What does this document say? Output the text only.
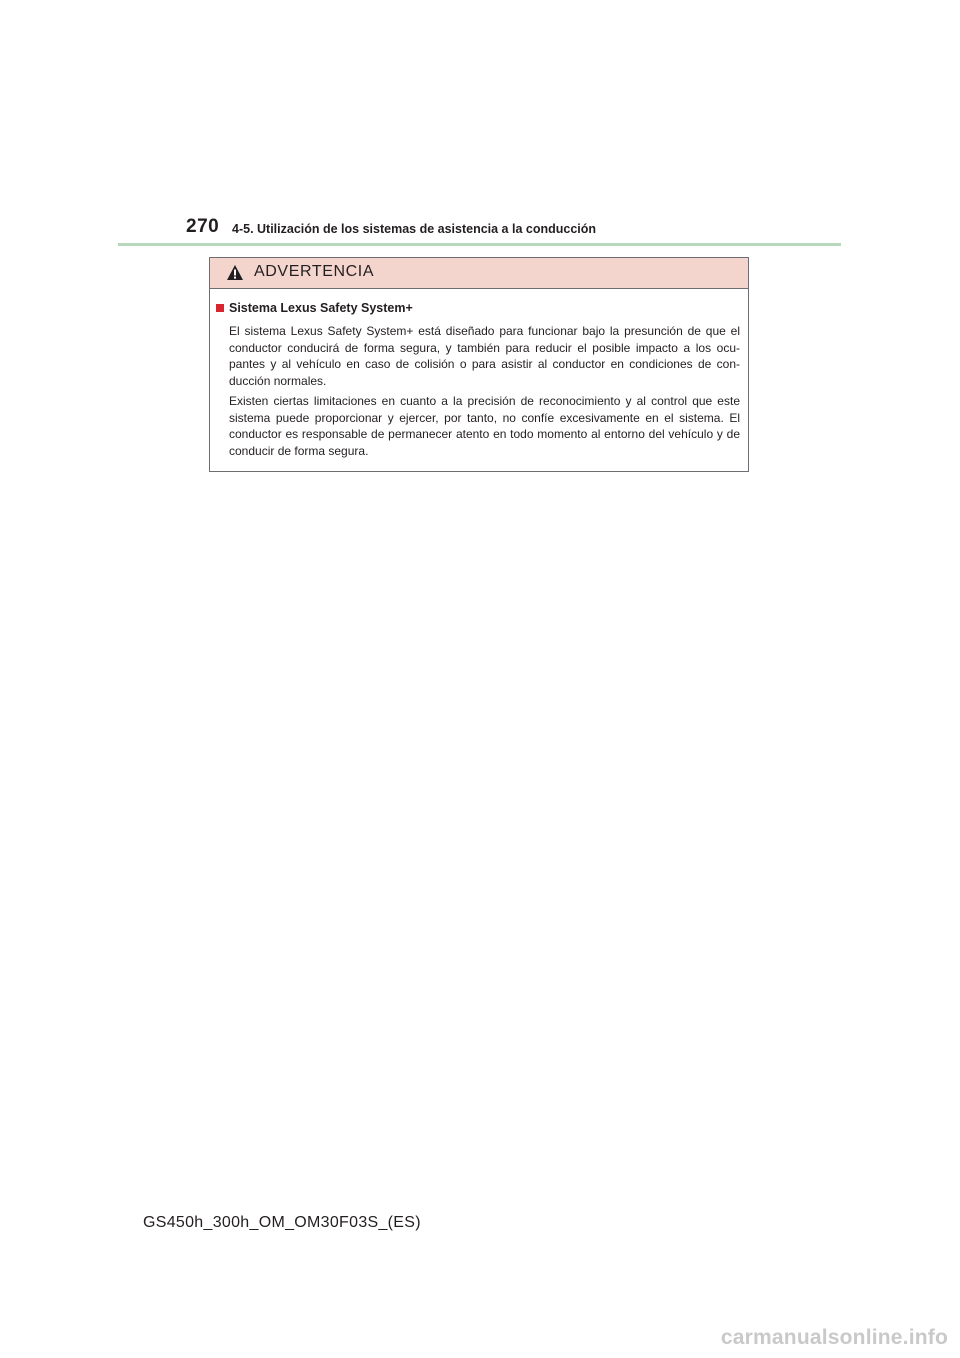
270 4-5. Utilización de los sistemas de asistencia a la conducción
ADVERTENCIA
Sistema Lexus Safety System+

El sistema Lexus Safety System+ está diseñado para funcionar bajo la presunción de que el conductor conducirá de forma segura, y también para reducir el posible impacto a los ocu-pantes y al vehículo en caso de colisión o para asistir al conductor en condiciones de con-ducción normales.

Existen ciertas limitaciones en cuanto a la precisión de reconocimiento y al control que este sistema puede proporcionar y ejercer, por tanto, no confíe excesivamente en el sistema. El conductor es responsable de permanecer atento en todo momento al entorno del vehículo y de conducir de forma segura.

GS450h_300h_OM_OM30F03S_(ES)
carmanualsonline.info
